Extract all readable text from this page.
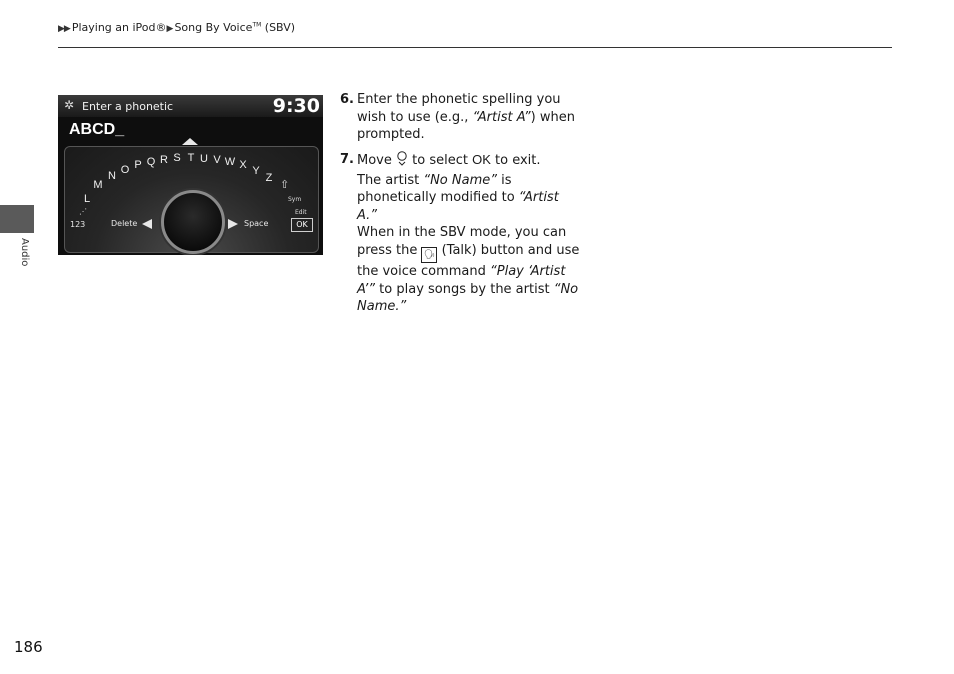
▶▶ Playing an iPod®▶ Song By Voice™ (SBV)
Audio
186
✲ Enter a phonetic	9:30
ABCD_
L
M
N O P Q R S T U V W X Y
Z ⇧
⋰
123	Delete	Space
Sym
Edit
OK
6. Enter the phonetic spelling you wish to use (e.g., “Artist A”) when prompted.
7. Move  to select OK to exit.
The artist “No Name” is phonetically modified to “Artist A.”
When in the SBV mode, you can press the 🗣 (Talk) button and use the voice command “Play ‘Artist A’” to play songs by the artist “No Name.”
